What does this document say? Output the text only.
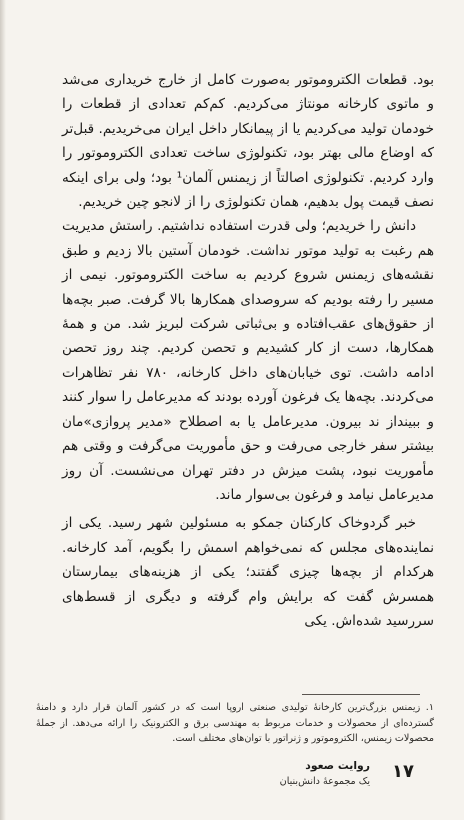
بود. قطعات الکتروموتور به‌صورت کامل از خارج خریداری می‌شد و ماتوی کارخانه مونتاژ می‌کردیم. کم‌کم تعدادی از قطعات را خودمان تولید می‌کردیم یا از پیمانکار داخل ایران می‌خریدیم. قبل‌تر که اوضاع مالی بهتر بود، تکنولوژی ساخت تعدادی الکتروموتور را وارد کردیم. تکنولوژی اصالتاً از زیمنس آلمان¹ بود؛ ولی برای اینکه نصف قیمت پول بدهیم، همان تکنولوژی را از لانجو چین خریدیم.

دانش را خریدیم؛ ولی قدرت استفاده نداشتیم. راستش مدیریت هم رغبت به تولید موتور نداشت. خودمان آستین بالا زدیم و طبق نقشه‌های زیمنس شروع کردیم به ساخت الکتروموتور. نیمی از مسیر را رفته بودیم که سروصدای همکارها بالا گرفت. صبر بچه‌ها از حقوق‌های عقب‌افتاده و بی‌ثباتی شرکت لبریز شد. من و همهٔ همکارها، دست از کار کشیدیم و تحصن کردیم. چند روز تحصن ادامه داشت. توی خیابان‌های داخل کارخانه، ۷۸۰ نفر تظاهرات می‌کردند. بچه‌ها یک فرغون آورده بودند که مدیرعامل را سوار کنند و ببینداز ند بیرون. مدیرعامل یا به اصطلاح «مدیر پروازی»مان بیشتر سفر خارجی می‌رفت و حق مأموریت می‌گرفت و وقتی هم مأموریت نبود، پشت میزش در دفتر تهران می‌نشست. آن روز مدیرعامل نیامد و فرغون بی‌سوار ماند.

خبر گردوخاک کارکنان جمکو به مسئولین شهر رسید. یکی از نماینده‌های مجلس که نمی‌خواهم اسمش را بگویم، آمد کارخانه. هرکدام از بچه‌ها چیزی گفتند؛ یکی از هزینه‌های بیمارستان همسرش گفت که برایش وام گرفته و دیگری از قسط‌های سررسید شده‌اش. یکی

۱. زیمنس بزرگ‌ترین کارخانهٔ تولیدی صنعتی اروپا است که در کشور آلمان قرار دارد و دامنهٔ گسترده‌ای از محصولات و خدمات مربوط به مهندسی برق و الکترونیک را ارائه می‌دهد. از جملهٔ محصولات زیمنس، الکتروموتور و ژنراتور با توان‌های مختلف است.

روایت صعود
یک مجموعهٔ دانش‌بنیان ۱۷
